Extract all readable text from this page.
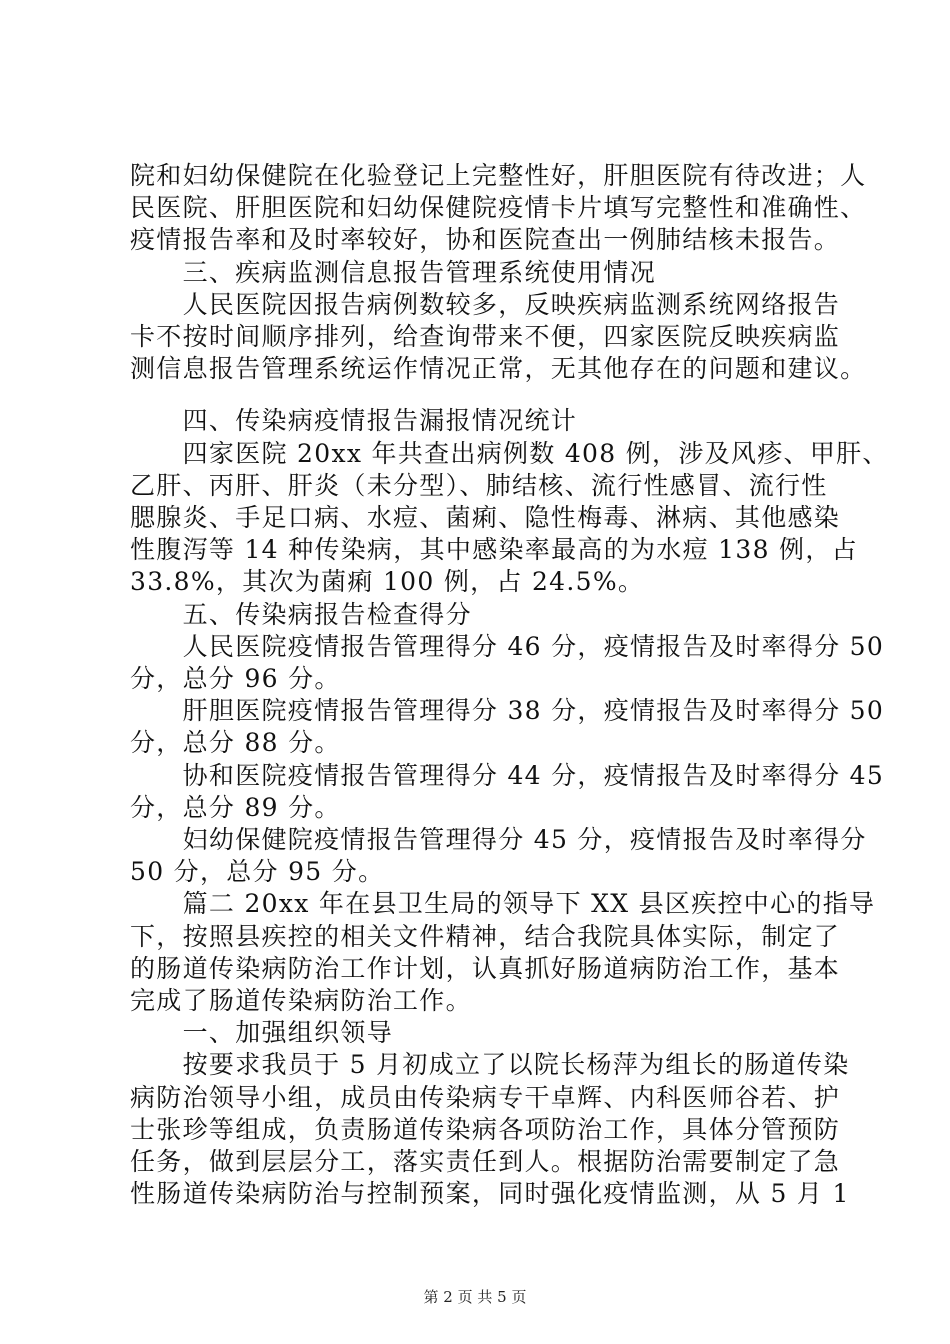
院和妇幼保健院在化验登记上完整性好，肝胆医院有待改进；人
民医院、肝胆医院和妇幼保健院疫情卡片填写完整性和准确性、
疫情报告率和及时率较好，协和医院查出一例肺结核未报告。
　　三、疾病监测信息报告管理系统使用情况
　　人民医院因报告病例数较多，反映疾病监测系统网络报告
卡不按时间顺序排列，给查询带来不便，四家医院反映疾病监
测信息报告管理系统运作情况正常，无其他存在的问题和建议。
　　四、传染病疫情报告漏报情况统计
　　四家医院 20xx 年共查出病例数 408 例，涉及风疹、甲肝、
乙肝、丙肝、肝炎（未分型）、肺结核、流行性感冒、流行性
腮腺炎、手足口病、水痘、菌痢、隐性梅毒、淋病、其他感染
性腹泻等 14 种传染病，其中感染率最高的为水痘 138 例，占
33.8%，其次为菌痢 100 例，占 24.5%。
　　五、传染病报告检查得分
　　人民医院疫情报告管理得分 46 分，疫情报告及时率得分 50
分，总分 96 分。
　　肝胆医院疫情报告管理得分 38 分，疫情报告及时率得分 50
分，总分 88 分。
　　协和医院疫情报告管理得分 44 分，疫情报告及时率得分 45
分，总分 89 分。
　　妇幼保健院疫情报告管理得分 45 分，疫情报告及时率得分
50 分，总分 95 分。
　　篇二 20xx 年在县卫生局的领导下 XX 县区疾控中心的指导
下，按照县疾控的相关文件精神，结合我院具体实际，制定了
的肠道传染病防治工作计划，认真抓好肠道病防治工作，基本
完成了肠道传染病防治工作。
　　一、加强组织领导
　　按要求我员于 5 月初成立了以院长杨萍为组长的肠道传染
病防治领导小组，成员由传染病专干卓辉、内科医师谷若、护
士张珍等组成，负责肠道传染病各项防治工作，具体分管预防
任务，做到层层分工，落实责任到人。根据防治需要制定了急
性肠道传染病防治与控制预案，同时强化疫情监测，从 5 月 1
第 2 页 共 5 页
